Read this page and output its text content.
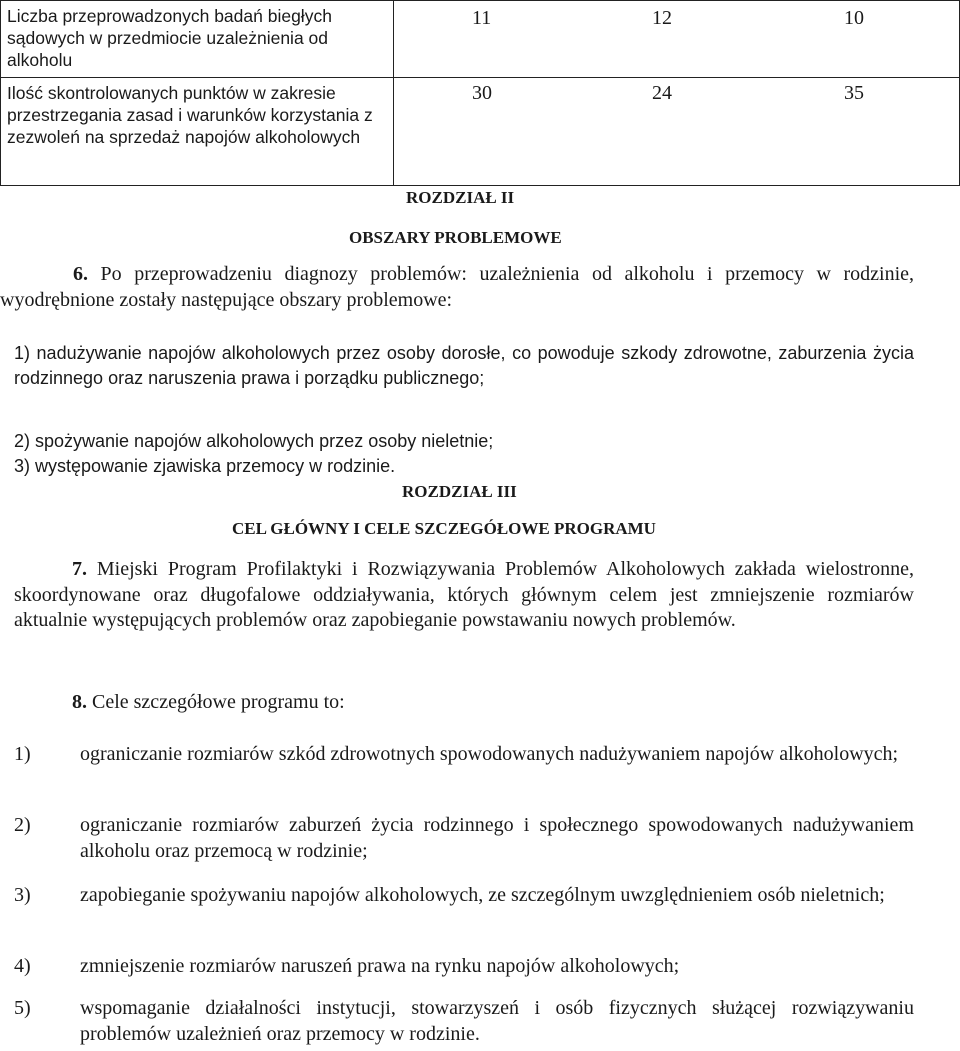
Liczba przeprowadzonych badań biegłych sądowych w przedmiocie uzależnienia od alkoholu	11 12 10

Ilość skontrolowanych punktów w zakresie przestrzegania zasad i warunków korzystania z zezwoleń na sprzedaż napojów alkoholowych	30 24 35
ROZDZIAŁ II
OBSZARY PROBLEMOWE
6. Po przeprowadzeniu diagnozy problemów: uzależnienia od alkoholu i przemocy w rodzinie, wyodrębnione zostały następujące obszary problemowe:
1) nadużywanie napojów alkoholowych przez osoby dorosłe, co powoduje szkody zdrowotne, zaburzenia życia rodzinnego oraz naruszenia prawa i porządku publicznego;
2) spożywanie napojów alkoholowych przez osoby nieletnie;
3) występowanie zjawiska przemocy w rodzinie.
ROZDZIAŁ III
CEL GŁÓWNY I CELE SZCZEGÓŁOWE PROGRAMU
7. Miejski Program Profilaktyki i Rozwiązywania Problemów Alkoholowych zakłada wielostronne, skoordynowane oraz długofalowe oddziaływania, których głównym celem jest zmniejszenie rozmiarów aktualnie występujących problemów oraz zapobieganie powstawaniu nowych problemów.
8. Cele szczegółowe programu to:
1)	ograniczanie rozmiarów szkód zdrowotnych spowodowanych nadużywaniem napojów alkoholowych;
2)	ograniczanie rozmiarów zaburzeń życia rodzinnego i społecznego spowodowanych nadużywaniem alkoholu oraz przemocą w rodzinie;
3)	zapobieganie spożywaniu napojów alkoholowych, ze szczególnym uwzględnieniem osób nieletnich;
4)	zmniejszenie rozmiarów naruszeń prawa na rynku napojów alkoholowych;
5)	wspomaganie działalności instytucji, stowarzyszeń i osób fizycznych służącej rozwiązywaniu problemów uzależnień oraz przemocy w rodzinie.
